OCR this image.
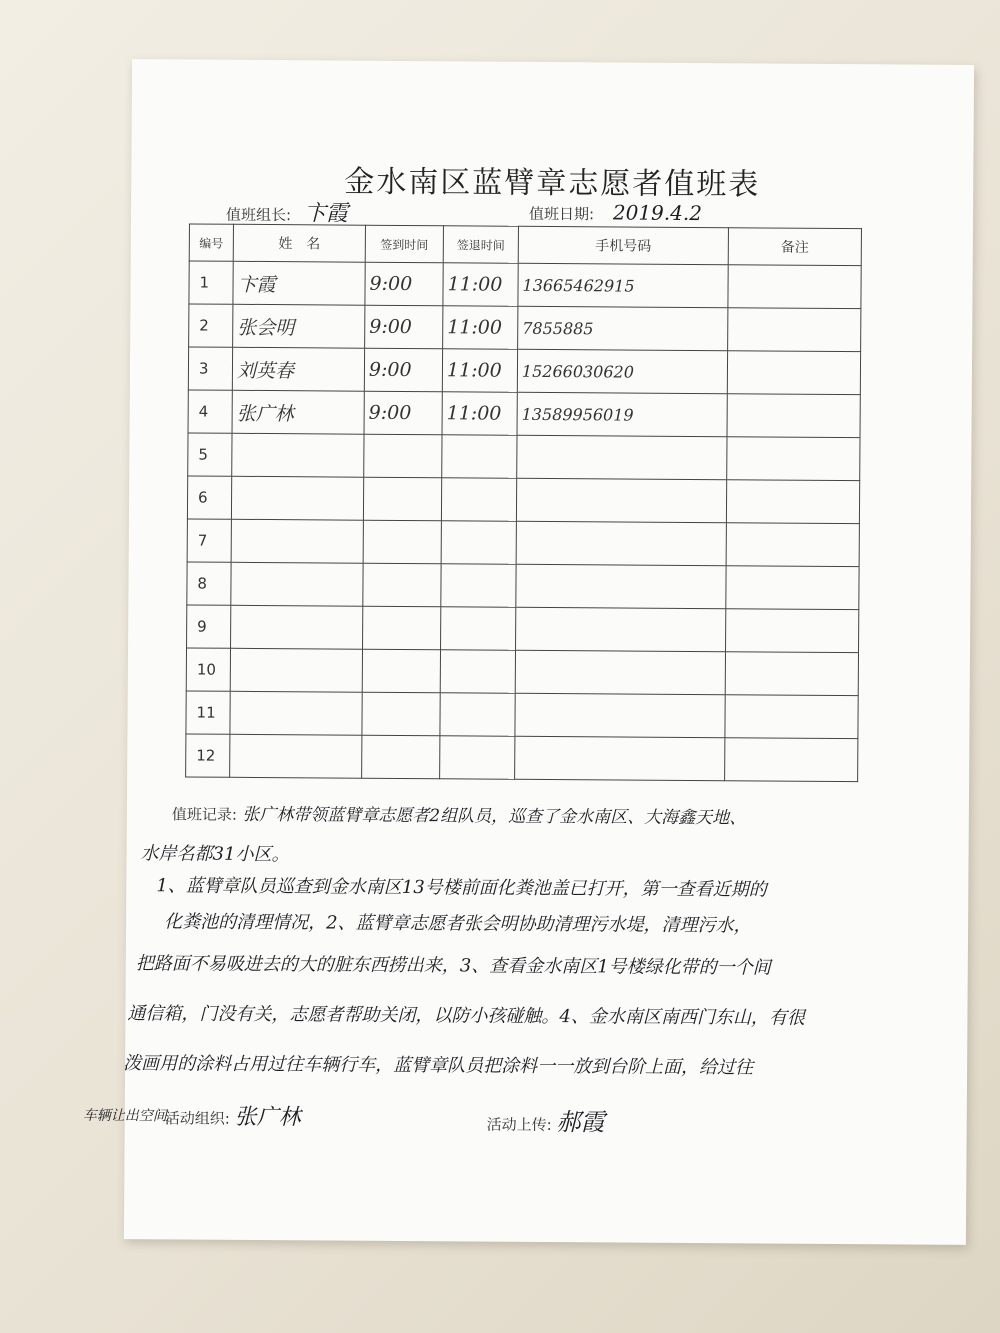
金水南区蓝臂章志愿者值班表
值班组长: 卞霞	值班日期: 2019.4.2
编号	姓　名	签到时间	签退时间	手机号码	备注
1	卞霞	9:00	11:00	13665462915	
2	张会明	9:00	11:00	7855885	
3	刘英春	9:00	11:00	15266030620	
4	张广林	9:00	11:00	13589956019	
5					
6					
7					
8					
9					
10					
11					
12					
值班记录: 张广林带领蓝臂章志愿者2组队员，巡查了金水南区、大海鑫天地、
水岸名都31小区。
1、蓝臂章队员巡查到金水南区13号楼前面化粪池盖已打开，第一查看近期的
化粪池的清理情况，2、蓝臂章志愿者张会明协助清理污水堤，清理污水，
把路面不易吸进去的大的脏东西捞出来，3、查看金水南区1号楼绿化带的一个间
通信箱，门没有关，志愿者帮助关闭，以防小孩碰触。4、金水南区南西门东山，有很
泼画用的涂料占用过往车辆行车，蓝臂章队员把涂料一一放到台阶上面，给过往
车辆让出空间。
活动组织: 张广林	活动上传: 郝霞
